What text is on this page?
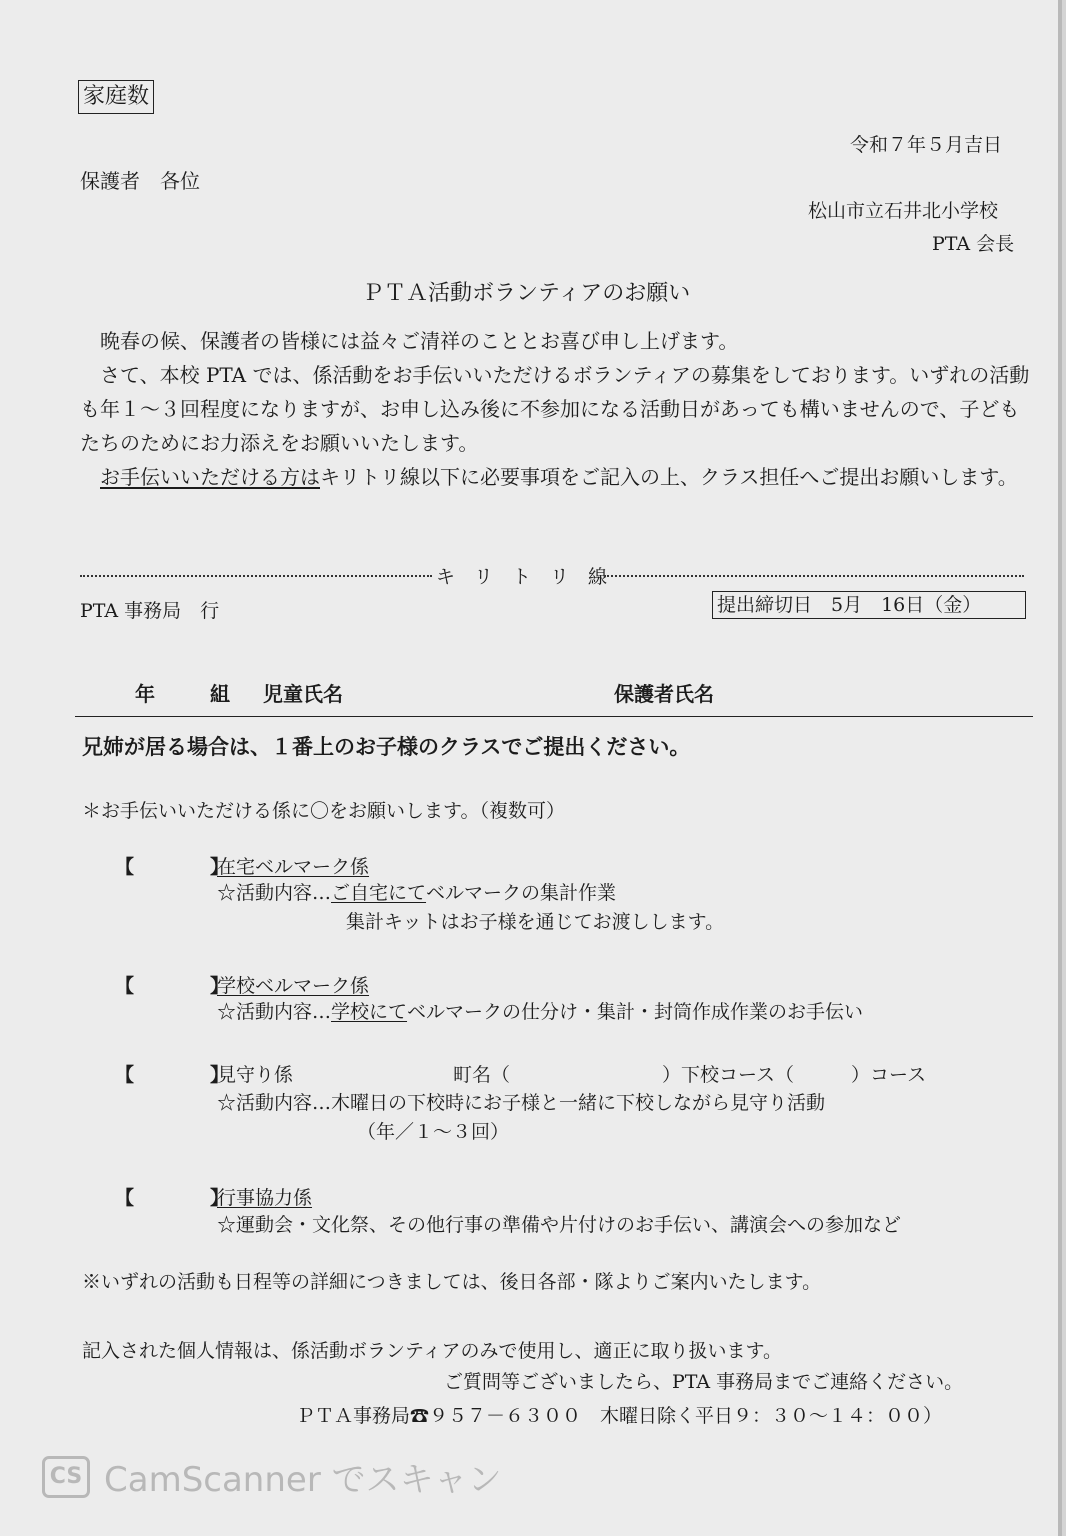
家庭数
令和７年５月吉日
保護者　各位
松山市立石井北小学校
PTA 会長
ＰＴＡ活動ボランティアのお願い
晩春の候、保護者の皆様には益々ご清祥のこととお喜び申し上げます。
さて、本校 PTA では、係活動をお手伝いいただけるボランティアの募集をしております。いずれの活動も年１～３回程度になりますが、お申し込み後に不参加になる活動日があっても構いませんので、子どもたちのためにお力添えをお願いいたします。
お手伝いいただける方はキリトリ線以下に必要事項をご記入の上、クラス担任へご提出お願いします。
キ　リ　ト　リ　線
PTA 事務局　行	提出締切日　5月　16日（金）
年	組 児童氏名	保護者氏名
兄姉が居る場合は、１番上のお子様のクラスでご提出ください。
＊お手伝いいただける係に〇をお願いします。（複数可）
【　　　　】
在宅ベルマーク係
☆活動内容…ご自宅にてベルマークの集計作業
集計キットはお子様を通じてお渡しします。
【　　　　】
学校ベルマーク係
☆活動内容…学校にてベルマークの仕分け・集計・封筒作成作業のお手伝い
【　　　　】
見守り係	町名（　　　　　　　　）下校コース（　　　）コース
☆活動内容…木曜日の下校時にお子様と一緒に下校しながら見守り活動
（年／１～３回）
【　　　　】
行事協力係
☆運動会・文化祭、その他行事の準備や片付けのお手伝い、講演会への参加など
※いずれの活動も日程等の詳細につきましては、後日各部・隊よりご案内いたします。
記入された個人情報は、係活動ボランティアのみで使用し、適正に取り扱います。
ご質問等ございましたら、PTA 事務局までご連絡ください。
ＰＴＡ事務局☎９５７－６３００　木曜日除く平日９：３０～１４：００）
CS CamScanner でスキャン
